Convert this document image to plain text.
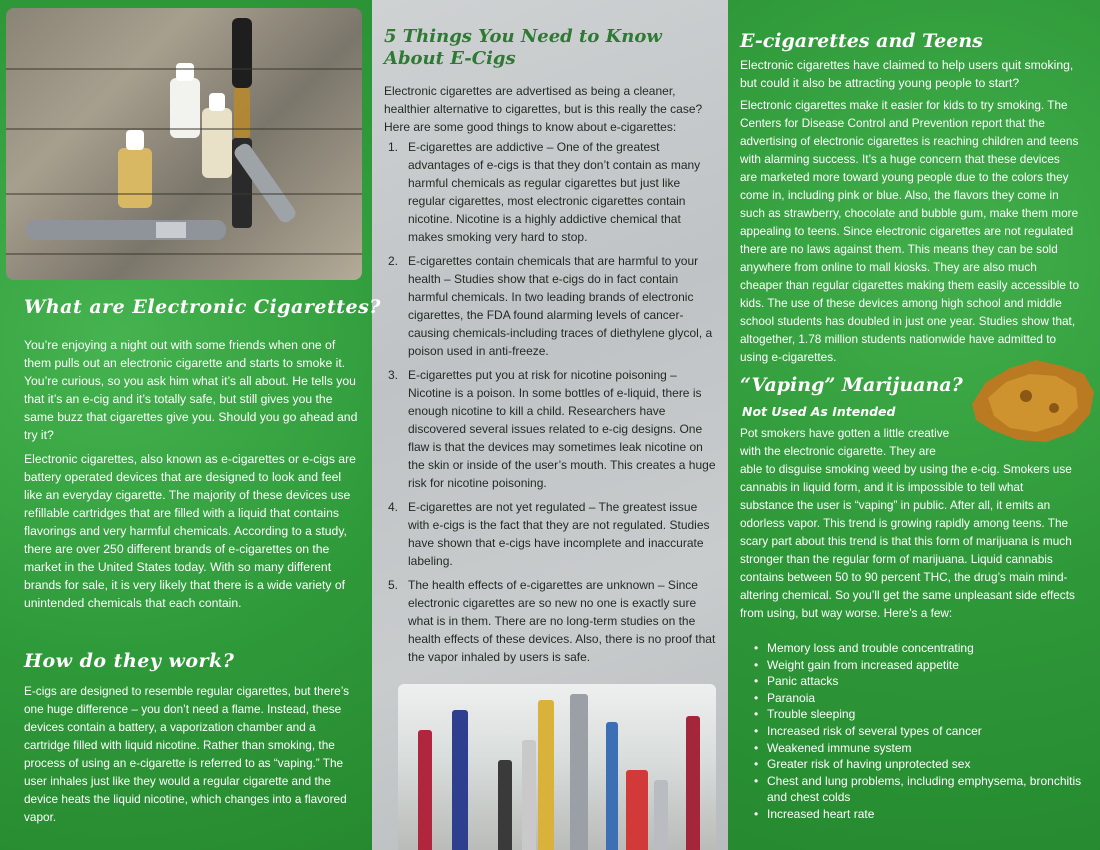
What are Electronic Cigarettes?

You’re enjoying a night out with some friends when one of them pulls out an electronic cigarette and starts to smoke it. You’re curious, so you ask him what it’s all about. He tells you that it’s an e-cig and it’s totally safe, but still gives you the same buzz that cigarettes give you. Should you go ahead and try it?

Electronic cigarettes, also known as e-cigarettes or e-cigs are battery operated devices that are designed to look and feel like an everyday cigarette. The majority of these devices use refillable cartridges that are filled with a liquid that contains flavorings and very harmful chemicals. According to a study, there are over 250 different brands of e-cigarettes on the market in the United States today. With so many different brands for sale, it is very likely that there is a wide variety of unintended chemicals that each contain.

How do they work?

E-cigs are designed to resemble regular cigarettes, but there’s one huge difference – you don’t need a flame. Instead, these devices contain a battery, a vaporization chamber and a cartridge filled with liquid nicotine. Rather than smoking, the process of using an e-cigarette is referred to as “vaping.” The user inhales just like they would a regular cigarette and the device heats the liquid nicotine, which changes into a flavored vapor.

5 Things You Need to Know About E-Cigs

Electronic cigarettes are advertised as being a cleaner, healthier alternative to cigarettes, but is this really the case? Here are some good things to know about e-cigarettes:

1. E-cigarettes are addictive – One of the greatest advantages of e-cigs is that they don’t contain as many harmful chemicals as regular cigarettes but just like regular cigarettes, most electronic cigarettes contain nicotine. Nicotine is a highly addictive chemical that makes smoking very hard to stop.
2. E-cigarettes contain chemicals that are harmful to your health – Studies show that e-cigs do in fact contain harmful chemicals. In two leading brands of electronic cigarettes, the FDA found alarming levels of cancer-causing chemicals-including traces of diethylene glycol, a poison used in anti-freeze.
3. E-cigarettes put you at risk for nicotine poisoning – Nicotine is a poison. In some bottles of e-liquid, there is enough nicotine to kill a child. Researchers have discovered several issues related to e-cig designs. One flaw is that the devices may sometimes leak nicotine on the skin or inside of the user’s mouth. This creates a huge risk for nicotine poisoning.
4. E-cigarettes are not yet regulated – The greatest issue with e-cigs is the fact that they are not regulated. Studies have shown that e-cigs have incomplete and inaccurate labeling.
5. The health effects of e-cigarettes are unknown – Since electronic cigarettes are so new no one is exactly sure what is in them. There are no long-term studies on the health effects of these devices. Also, there is no proof that the vapor inhaled by users is safe.
E-cigarettes and Teens

Electronic cigarettes have claimed to help users quit smoking, but could it also be attracting young people to start?

Electronic cigarettes make it easier for kids to try smoking. The Centers for Disease Control and Prevention report that the advertising of electronic cigarettes is reaching children and teens with alarming success. It’s a huge concern that these devices are marketed more toward young people due to the colors they come in, including pink or blue. Also, the flavors they come in such as strawberry, chocolate and bubble gum, make them more appealing to teens. Since electronic cigarettes are not regulated there are no laws against them. This means they can be sold anywhere from online to mall kiosks. They are also much cheaper than regular cigarettes making them easily accessible to kids. The use of these devices among high school and middle school students has doubled in just one year. Studies show that, altogether, 1.78 million students nationwide have admitted to using e-cigarettes.

“Vaping” Marijuana?

Not Used As Intended

Pot smokers have gotten a little creative with the electronic cigarette. They are

able to disguise smoking weed by using the e-cig. Smokers use cannabis in liquid form, and it is impossible to tell what substance the user is “vaping” in public. After all, it emits an odorless vapor. This trend is growing rapidly among teens. The scary part about this trend is that this form of marijuana is much stronger than the regular form of marijuana. Liquid cannabis contains between 50 to 90 percent THC, the drug’s main mind-altering chemical. So you’ll get the same unpleasant side effects from using, but way worse. Here’s a few:

• Memory loss and trouble concentrating
• Weight gain from increased appetite
• Panic attacks
• Paranoia
• Trouble sleeping
• Increased risk of several types of cancer
• Weakened immune system
• Greater risk of having unprotected sex
• Chest and lung problems, including emphysema, bronchitis and chest colds
• Increased heart rate
